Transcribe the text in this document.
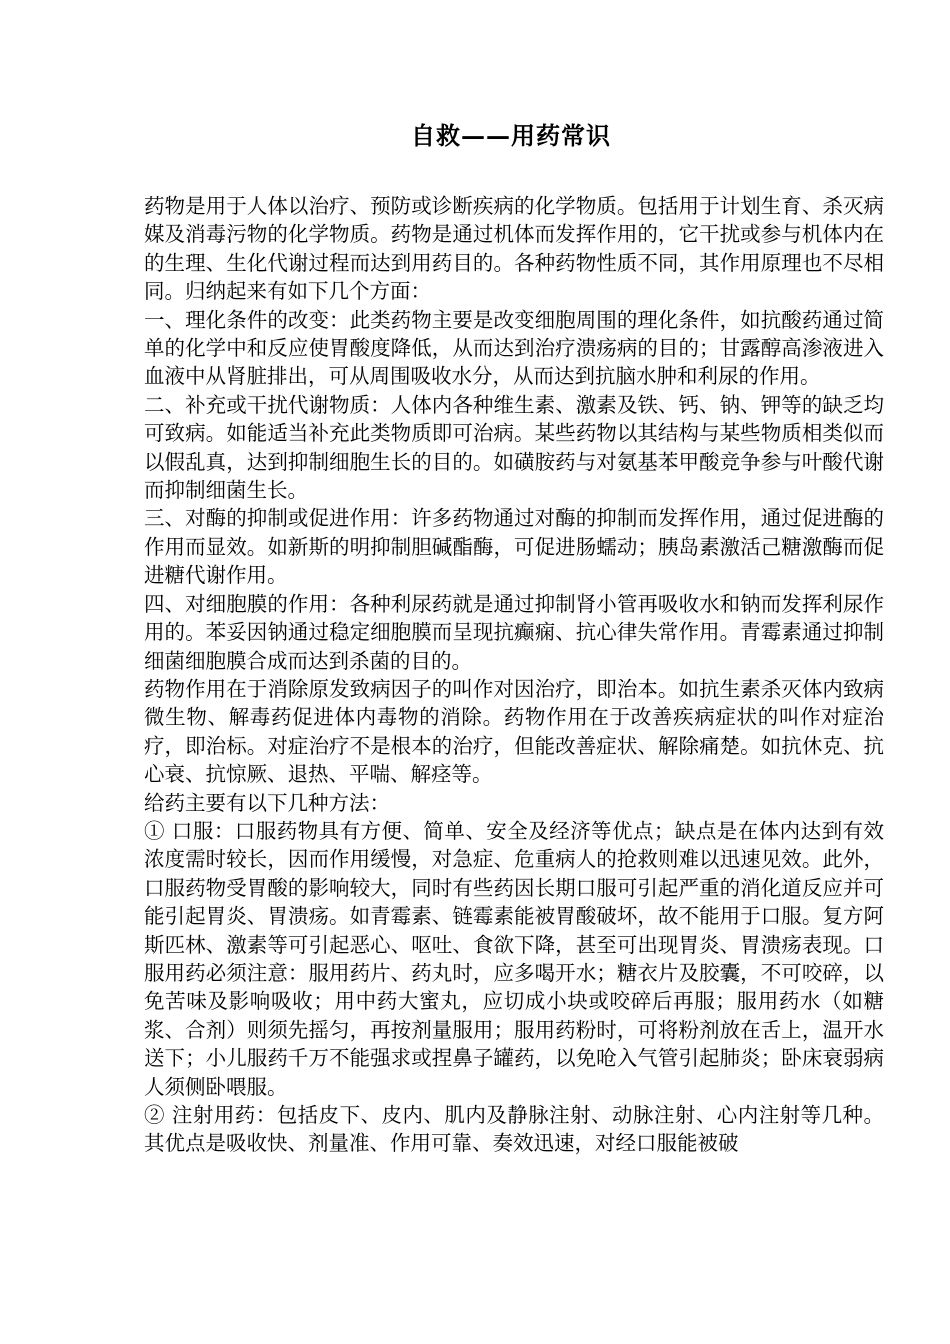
自救——用药常识

药物是用于人体以治疗、预防或诊断疾病的化学物质。包括用于计划生育、杀灭病媒及消毒污物的化学物质。药物是通过机体而发挥作用的，它干扰或参与机体内在的生理、生化代谢过程而达到用药目的。各种药物性质不同，其作用原理也不尽相同。归纳起来有如下几个方面：

一、理化条件的改变：此类药物主要是改变细胞周围的理化条件，如抗酸药通过简单的化学中和反应使胃酸度降低，从而达到治疗溃疡病的目的；甘露醇高渗液进入血液中从肾脏排出，可从周围吸收水分，从而达到抗脑水肿和利尿的作用。

二、补充或干扰代谢物质：人体内各种维生素、激素及铁、钙、钠、钾等的缺乏均可致病。如能适当补充此类物质即可治病。某些药物以其结构与某些物质相类似而以假乱真，达到抑制细胞生长的目的。如磺胺药与对氨基苯甲酸竞争参与叶酸代谢而抑制细菌生长。

三、对酶的抑制或促进作用：许多药物通过对酶的抑制而发挥作用，通过促进酶的作用而显效。如新斯的明抑制胆碱酯酶，可促进肠蠕动；胰岛素激活己糖激酶而促进糖代谢作用。

四、对细胞膜的作用：各种利尿药就是通过抑制肾小管再吸收水和钠而发挥利尿作用的。苯妥因钠通过稳定细胞膜而呈现抗癫痫、抗心律失常作用。青霉素通过抑制细菌细胞膜合成而达到杀菌的目的。

药物作用在于消除原发致病因子的叫作对因治疗，即治本。如抗生素杀灭体内致病微生物、解毒药促进体内毒物的消除。药物作用在于改善疾病症状的叫作对症治疗，即治标。对症治疗不是根本的治疗，但能改善症状、解除痛楚。如抗休克、抗心衰、抗惊厥、退热、平喘、解痉等。

给药主要有以下几种方法：

① 口服：口服药物具有方便、简单、安全及经济等优点；缺点是在体内达到有效浓度需时较长，因而作用缓慢，对急症、危重病人的抢救则难以迅速见效。此外，口服药物受胃酸的影响较大，同时有些药因长期口服可引起严重的消化道反应并可能引起胃炎、胃溃疡。如青霉素、链霉素能被胃酸破坏，故不能用于口服。复方阿斯匹林、激素等可引起恶心、呕吐、食欲下降，甚至可出现胃炎、胃溃疡表现。口服用药必须注意：服用药片、药丸时，应多喝开水；糖衣片及胶囊，不可咬碎，以免苦味及影响吸收；用中药大蜜丸，应切成小块或咬碎后再服；服用药水（如糖浆、合剂）则须先摇匀，再按剂量服用；服用药粉时，可将粉剂放在舌上，温开水送下；小儿服药千万不能强求或捏鼻子罐药，以免呛入气管引起肺炎；卧床衰弱病人须侧卧喂服。

② 注射用药：包括皮下、皮内、肌内及静脉注射、动脉注射、心内注射等几种。其优点是吸收快、剂量准、作用可靠、奏效迅速，对经口服能被破
